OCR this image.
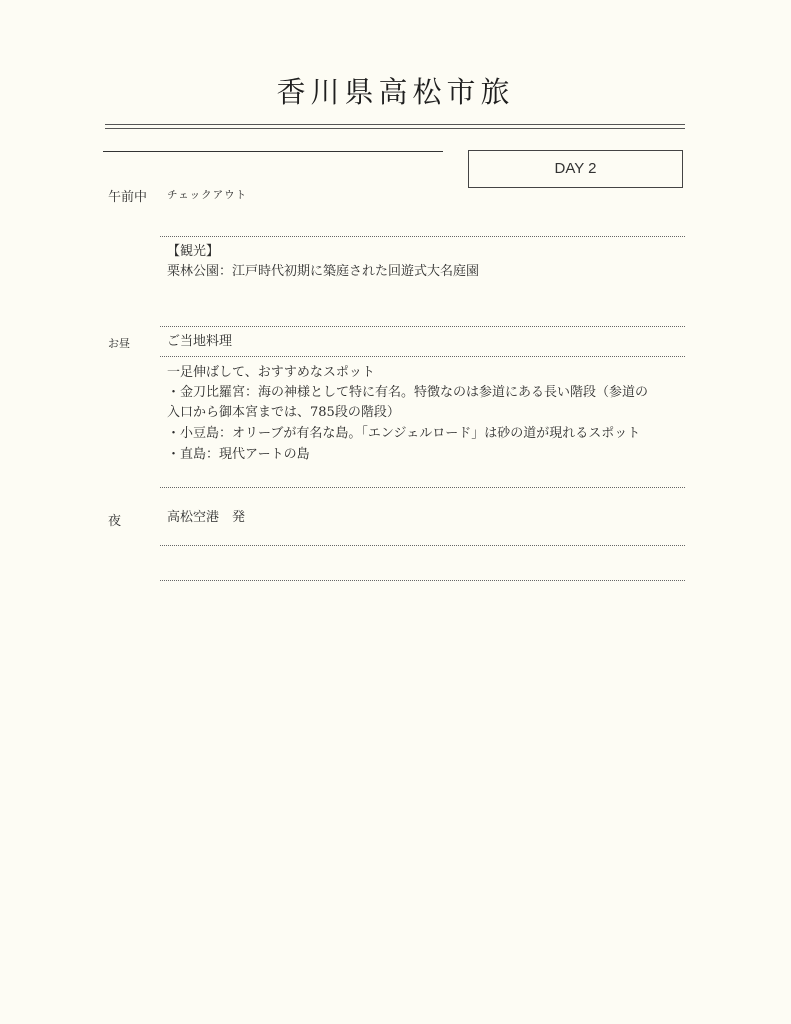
香川県高松市旅
DAY 2
午前中 チェックアウト
【観光】
栗林公園：江戸時代初期に築庭された回遊式大名庭園
お昼	ご当地料理
一足伸ばして、おすすめなスポット
・金刀比羅宮：海の神様として特に有名。特徴なのは参道にある長い階段（参道の
入口から御本宮までは、785段の階段）
・小豆島：オリーブが有名な島。「エンジェルロード」は砂の道が現れるスポット
・直島：現代アートの島
夜	高松空港　発
